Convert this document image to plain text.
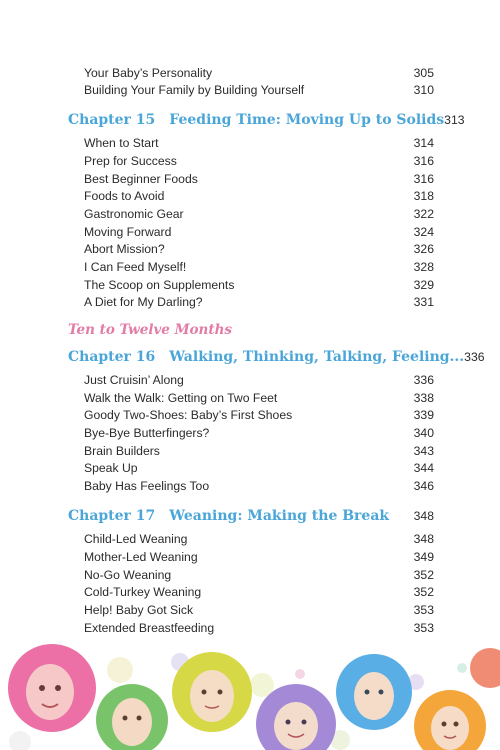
Your Baby’s Personality	305
Building Your Family by Building Yourself	310
Chapter 15 Feeding Time: Moving Up to Solids 313
When to Start	314
Prep for Success	316
Best Beginner Foods	316
Foods to Avoid	318
Gastronomic Gear	322
Moving Forward	324
Abort Mission?	326
I Can Feed Myself!	328
The Scoop on Supplements	329
A Diet for My Darling?	331
Ten to Twelve Months
Chapter 16 Walking, Thinking, Talking, Feeling... 336
Just Cruisin’ Along	336
Walk the Walk: Getting on Two Feet	338
Goody Two-Shoes: Baby’s First Shoes	339
Bye-Bye Butterfingers?	340
Brain Builders	343
Speak Up	344
Baby Has Feelings Too	346
Chapter 17 Weaning: Making the Break 348
Child-Led Weaning	348
Mother-Led Weaning	349
No-Go Weaning	352
Cold-Turkey Weaning	352
Help! Baby Got Sick	353
Extended Breastfeeding	353
